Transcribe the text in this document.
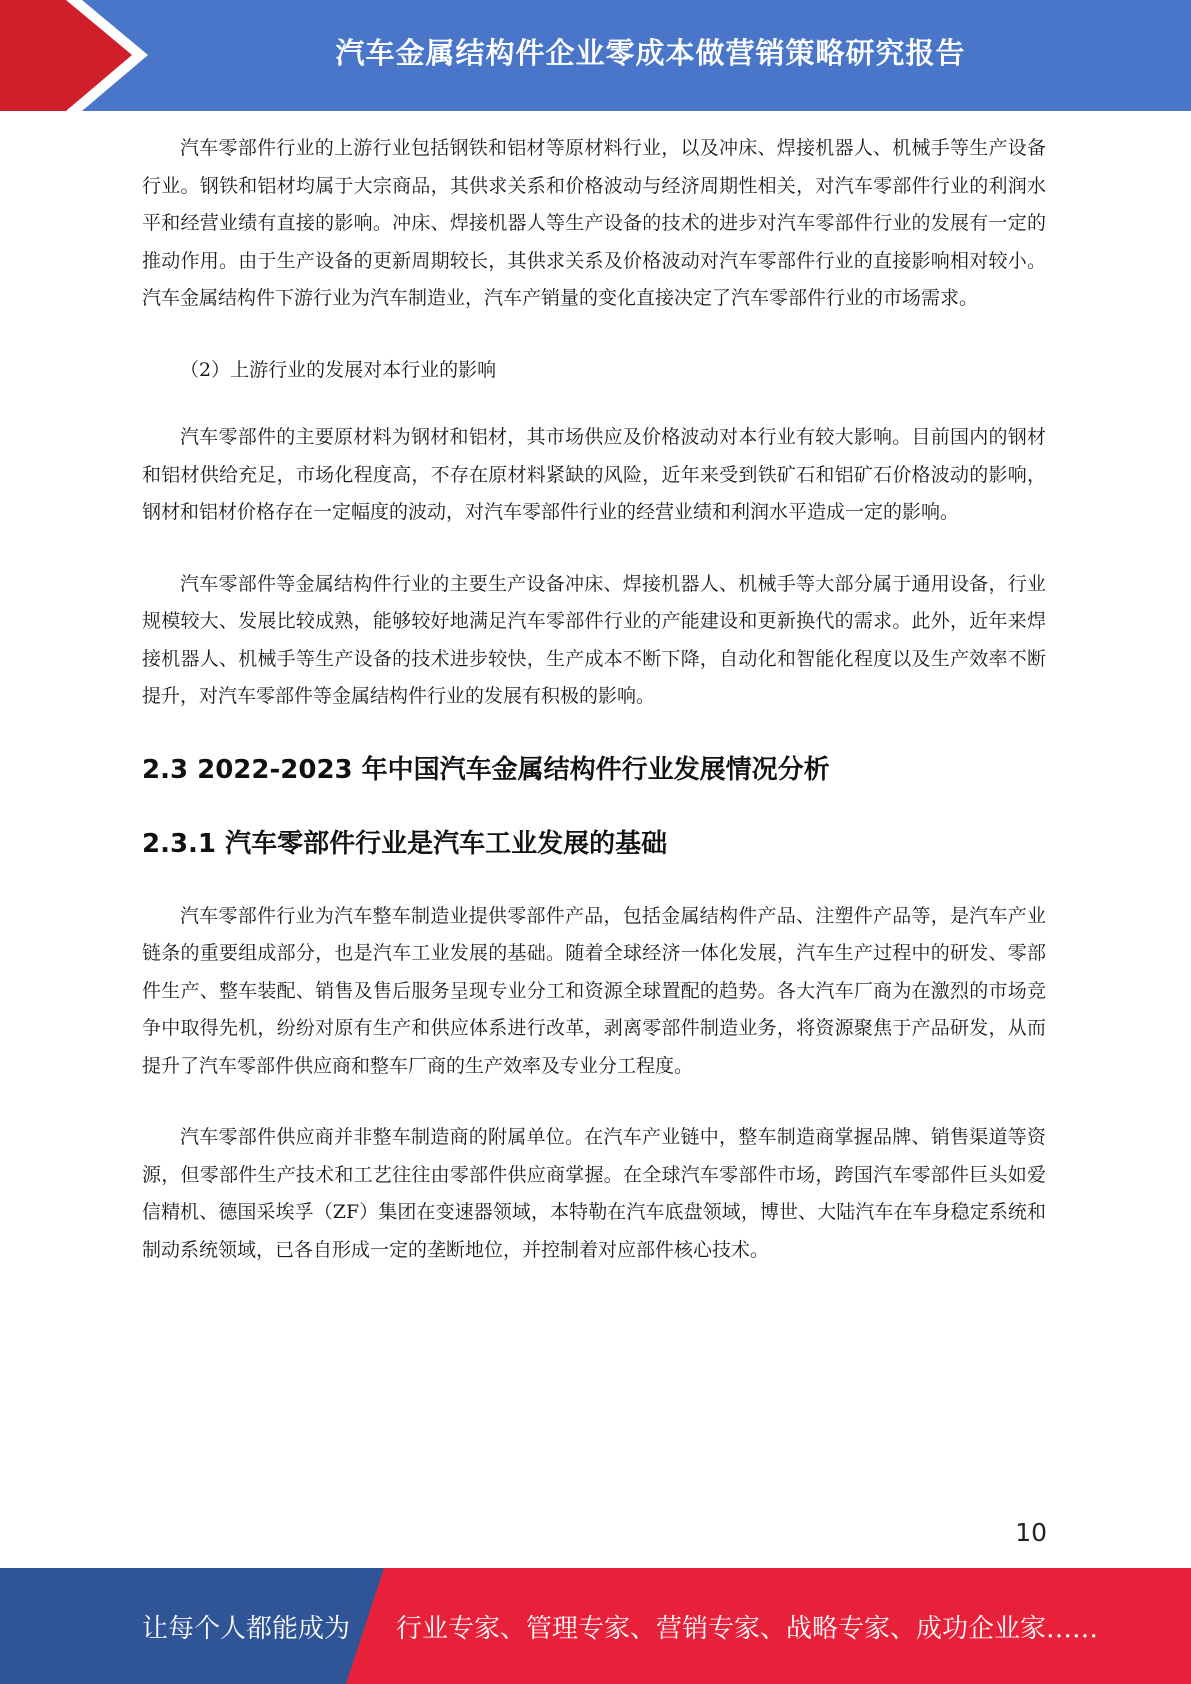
汽车金属结构件企业零成本做营销策略研究报告

汽车零部件行业的上游行业包括钢铁和铝材等原材料行业，以及冲床、焊接机器人、机械手等生产设备行业。钢铁和铝材均属于大宗商品，其供求关系和价格波动与经济周期性相关，对汽车零部件行业的利润水平和经营业绩有直接的影响。冲床、焊接机器人等生产设备的技术的进步对汽车零部件行业的发展有一定的推动作用。由于生产设备的更新周期较长，其供求关系及价格波动对汽车零部件行业的直接影响相对较小。汽车金属结构件下游行业为汽车制造业，汽车产销量的变化直接决定了汽车零部件行业的市场需求。

（2）上游行业的发展对本行业的影响

汽车零部件的主要原材料为钢材和铝材，其市场供应及价格波动对本行业有较大影响。目前国内的钢材和铝材供给充足，市场化程度高，不存在原材料紧缺的风险，近年来受到铁矿石和铝矿石价格波动的影响，钢材和铝材价格存在一定幅度的波动，对汽车零部件行业的经营业绩和利润水平造成一定的影响。

汽车零部件等金属结构件行业的主要生产设备冲床、焊接机器人、机械手等大部分属于通用设备，行业规模较大、发展比较成熟，能够较好地满足汽车零部件行业的产能建设和更新换代的需求。此外，近年来焊接机器人、机械手等生产设备的技术进步较快，生产成本不断下降，自动化和智能化程度以及生产效率不断提升，对汽车零部件等金属结构件行业的发展有积极的影响。

2.3 2022-2023 年中国汽车金属结构件行业发展情况分析
2.3.1 汽车零部件行业是汽车工业发展的基础

汽车零部件行业为汽车整车制造业提供零部件产品，包括金属结构件产品、注塑件产品等，是汽车产业链条的重要组成部分，也是汽车工业发展的基础。随着全球经济一体化发展，汽车生产过程中的研发、零部件生产、整车装配、销售及售后服务呈现专业分工和资源全球置配的趋势。各大汽车厂商为在激烈的市场竞争中取得先机，纷纷对原有生产和供应体系进行改革，剥离零部件制造业务，将资源聚焦于产品研发，从而提升了汽车零部件供应商和整车厂商的生产效率及专业分工程度。

汽车零部件供应商并非整车制造商的附属单位。在汽车产业链中，整车制造商掌握品牌、销售渠道等资源，但零部件生产技术和工艺往往由零部件供应商掌握。在全球汽车零部件市场，跨国汽车零部件巨头如爱信精机、德国采埃孚（ZF）集团在变速器领域，本特勒在汽车底盘领域，博世、大陆汽车在车身稳定系统和制动系统领域，已各自形成一定的垄断地位，并控制着对应部件核心技术。

10
让每个人都能成为 行业专家、管理专家、营销专家、战略专家、成功企业家……
